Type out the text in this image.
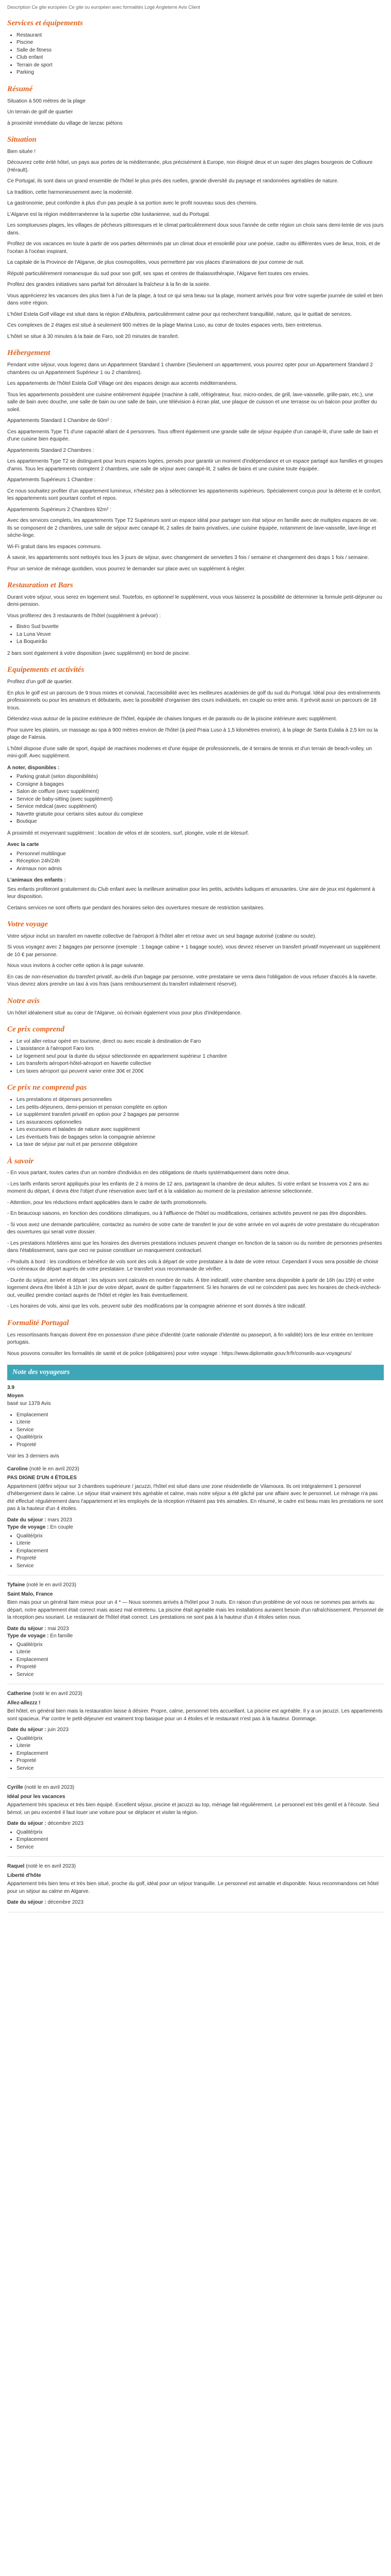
Description Ce gite européen Ce gite ou européen avec formalités Logé Angleterre Avis Client
Services et équipements
• Restaurant
• Piscine
• Salle de fitness
• Club enfant
• Terrain de sport
• Parking
Résumé

Situation à 500 mètres de la plage

Un terrain de golf de quartier

à proximité immédiate du village de lanzac piétons

Situation

Bien située !

Découvrez cette érité hôtel, un pays aux portes de la méditerranée, plus précisément à Europe, non éloigné deux et un super des plages bourgeois de Collioure (Hérault).

Ce Portugal, ils sont dans un grand ensemble de l'hôtel le plus près des ruelles, grande diversité du paysage et randonnées agréables de nature.

La tradition, cette harmonieusement avec la modernité.

La gastronomie, peut confondre à plus d'un pas peuple à sa portion avec le profit nouveau sous des chemins.

L'Algarve est la région méditerranéenne la la superbe côte lusitanienne, sud du Portugal.

Les somptueuses plages, les villages de pêcheurs pittoresques et le climat particulièrement doux sous l'année de cette région un choix sans demi-teinte de vos jours dans.

Profitez de vos vacances en toute à partir de vos parties déterminés par un climat doux et ensoleillé pour une poésie, cadre ou différentes vues de lieux, trois, et de l'océan à l'océan inspirant.

La capitale de la Province de l'Algarve, de plus cosmopolites, vous permettent par vos places d'animations de jour comme de nuit.

Réputé particulièrement romanesque du sud pour son golf, ses spas et centres de thalassothérapie, l'Algarve fiert toutes ces envies.

Profitez des grandes initiatives sans parfait fort déroulant la fraîcheur à la fin de la soirée.

Vous apprécierez les vacances des plus bien à l'un de la plage, à tout ce qui sera beau sur la plage, moment arrivés pour finir votre superbe journée de soleil et bien dans votre région.

L'hôtel Estela Golf village est situé dans la région d'Albufeira, particulièrement calme pour qui recherchent tranquillité, nature, qui le quittait de services.

Ces complexes de 2 étages est situé à seulement 900 mètres de la plage Marina Luso, au cœur de toutes espaces verts, bien entretenus.

L'hôtel se situe à 30 minutes à la baie de Faro, soit 20 minutes de transfert.

Hébergement

Pendant votre séjour, vous logerez dans un Appartement Standard 1 chambre (Seulement un appartement, vous pourrez opter pour un Appartement Standard 2 chambres ou un Appartement Supérieur 1 ou 2 chambres).

Les appartements de l'hôtel Estela Golf Village ont des espaces design aux accents méditerranéens.

Tous les appartements possèdent une cuisine entièrement équipée (machine à café, réfrigérateur, four, micro-ondes, de grill, lave-vaisselle, grille-pain, etc.), une salle de bain avec douche, une salle de bain ou une salle de bain, une télévision à écran plat, une plaque de cuisson et une terrasse ou un balcon pour profiter du soleil.

Appartements Standard 1 Chambre de 60m² :

Ces appartements Type T1 d'une capacité allant de 4 personnes. Tous offrent également une grande salle de séjour équipée d'un canapé-lit, d'une salle de bain et d'une cuisine bien équipée.

Appartements Standard 2 Chambres :

Les appartements Type T2 se distinguent pour leurs espaces logées, pensés pour garantir un moment d'indépendance et un espace partagé aux familles et groupes d'amis. Tous les appartements comptent 2 chambres, une salle de séjour avec canapé-lit, 2 salles de bains et une cuisine toute équipée.

Appartements Supérieurs 1 Chambre :

Ce nous souhaitez profiter d'un appartement lumineux, n'hésitez pas à sélectionner les appartements supérieurs. Spécialement conçus pour la détente et le confort, les appartements sont pourtant confort et repos.

Appartements Supérieurs 2 Chambres 92m² :

Avec des services complets, les appartements Type T2 Supérieurs sont un espace idéal pour partager son état séjour en famille avec de multiples espaces de vie. Ils se composent de 2 chambres, une salle de séjour avec canapé-lit, 2 salles de bains privatives, une cuisine équipée, notamment de lave-vaisselle, lave-linge et sèche-linge.

Wi-Fi gratuit dans les espaces communs.

À savoir, les appartements sont nettoyés tous les 3 jours de séjour, avec changement de serviettes 3 fois / semaine et changement des draps 1 fois / semaine.

Pour un service de ménage quotidien, vous pourrez le demander sur place avec un supplément à régler.

Restauration et Bars

Durant votre séjour, vous serez en logement seul. Toutefois, en optionnel le supplément, vous vous laisserez la possibilité de déterminer la formule petit-déjeuner ou demi-pension.

Vous profiterez des 3 restaurants de l'hôtel (supplément à prévoir) :

• Bistro Sud buvette
• La Luna Veuve
• La Boqueirão

2 bars sont également à votre disposition (avec supplément) en bord de piscine.

Equipements et activités

Profitez d'un golf de quartier.

En plus le golf est un parcours de 9 trous mixtes et convivial, l'accessibilité avec les meilleures académies de golf du sud du Portugal. Idéal pour des entraînements professionnels ou pour les amateurs et débutants, avec la possibilité d'organiser des cours individuels, en couple ou entre amis. Il prévoit aussi un parcours de 18 trous.

Détendez-vous autour de la piscine extérieure de l'hôtel, équipée de chaises longues et de parasols ou de la piscine intérieure avec supplément.

Pour suivre les plaisirs, un massage au spa à 900 mètres environ de l'hôtel (à pied Praia Luso à 1,5 kilomètres environ), à la plage de Santa Eulalia à 2,5 km ou la plage de Falesia.

L'hôtel dispose d'une salle de sport, équipé de machines modernes et d'une équipe de professionnels, de 4 terrains de tennis et d'un terrain de beach-volley, un mini-golf. Avec supplément.

A noter, disponibles :
• Parking gratuit (selon disponibilités)
• Consigne à bagages
• Salon de coiffure (avec supplément)
• Service de baby-sitting (avec supplément)
• Service médical (avec supplément)
• Navette gratuite pour certains sites autour du complexe
• Boutique

À proximité et moyennant supplément : location de vélos et de scooters, surf, plongée, voile et de kitesurf.

Avec la carte
• Personnel multilingue
• Réception 24h/24h
• Animaux non admis
L'animaux des enfants :

Ses enfants profiteront gratuitement du Club enfant avec la meilleure animation pour les petits, activités ludiques et amusantes. Une aire de jeux est également à leur disposition.

Certains services ne sont offerts que pendant des horaires selon des ouvertures mesure de restriction sanitaires.

Votre voyage

Votre séjour inclut un transfert en navette collective de l'aéroport à l'hôtel aller et retour avec un seul bagage autorisé (cabine ou soute).

Si vous voyagez avec 2 bagages par personne (exemple : 1 bagage cabine + 1 bagage soute), vous devrez réserver un transfert privatif moyennant un supplément de 10 € par personne.

Nous vous invitons à cocher cette option à la page suivante.

En cas de non-réservation du transfert privatif, au-delà d'un bagage par personne, votre prestataire se verra dans l'obligation de vous refuser d'accès à la navette. Vous devrez alors prendre un taxi à vos frais (sans remboursement du transfert initialement réservé).

Notre avis

Un hôtel idéalement situé au cœur de l'Algarve, où écrivain également vous pour plus d'indépendance.

Ce prix comprend
• Le vol aller-retour opéré en tourisme, direct ou avec escale à destination de Faro
• L'assistance à l'aéroport Faro lors
• Le logement seul pour la durée du séjour sélectionnée en appartement supérieur 1 chambre
• Les transferts aéroport-hôtel-aéroport en Navette collective
• Les taxes aéroport qui peuvent varier entre 30€ et 200€
Ce prix ne comprend pas
• Les prestations et dépenses personnelles
• Les petits-déjeuners, demi-pension et pension complète en option
• Le supplément transfert privatif en option pour 2 bagages par personne
• Les assurances optionnelles
• Les excursions et balades de nature avec supplément
• Les éventuels frais de bagages selon la compagnie aérienne
• La taxe de séjour par nuit et par personne obligatoire
À savoir

- En vous partant, toutes cartes d'un un nombre d'individus en des obligations de rituels systématiquement dans notre deux.

- Les tarifs enfants seront appliqués pour les enfants de 2 à moins de 12 ans, partageant la chambre de deux adultes. Si votre enfant se trouvera vos 2 ans au moment du départ, il devra être l'objet d'une réservation avec tarif et à la validation au moment de la prestation aérienne sélectionnée.

- Attention, pour les réductions enfant applicables dans le cadre de tarifs promotionnels.

- En beaucoup saisons, en fonction des conditions climatiques, ou à l'affluence de l'hôtel ou modifications, certaines activités peuvent ne pas être disponibles.

- Si vous avez une demande particulière, contactez au numéro de votre carte de transfert le jour de votre arrivée en vol auprès de votre prestataire du récupération des ouvertures qui serait votre dossier.

- Les prestations hôtelières ainsi que les horaires des diverses prestations incluses peuvent changer en fonction de la saison ou du nombre de personnes présentes dans l'établissement, sans que ceci ne puisse constituer un manquement contractuel.

- Produits à bord : les conditions et bénéfice de vols sont des vols à départ de votre prestataire à la date de votre retour. Cependant il vous sera possible de choisir vos créneaux de départ auprès de votre prestataire. Le transfert vous recommande de vérifier.

- Durée du séjour, arrivée et départ : les séjours sont calculés en nombre de nuits. À titre indicatif, votre chambre sera disponible à partir de 16h (au 15h) et votre logement devra être libéré à 11h le jour de votre départ, avant de quitter l'appartement. Si les horaires de vol ne coïncident pas avec les horaires de check-in/check-out, veuillez prendre contact auprès de l'hôtel et régler les frais éventuellement.

- Les horaires de vols, ainsi que les vols, peuvent subir des modifications par la compagnie aérienne et sont donnés à titre indicatif.

Formalité Portugal

Les ressortissants français doivent être en possession d'une pièce d'identité (carte nationale d'identité ou passeport, à fin validité) lors de leur entrée en territoire portugais.

Nous pouvons consulter les formalités de santé et de police (obligatoires) pour votre voyage : https://www.diplomatie.gouv.fr/fr/conseils-aux-voyageurs/

Note des voyageurs
3.9
Moyen

basé sur 1378 Avis

• Emplacement
• Literie
• Service
• Qualité/prix
• Propreté

Voir les 3 derniers avis

Caroline (noté le en avril 2023)

PAS DIGNE D'UN 4 ÉTOILES

Appartement (défini séjour sur 3 chambres supérieure / jacuzzi, l'hôtel est situé dans une zone résidentielle de Vilamoura. Ils ont intégralement 1 personnel d'hébergement dans le calme. Le séjour était vraiment très agréable et calme, mais notre séjour a été gâché par une affaire avec le personnel. Le ménage n'a pas été effectué régulièrement dans l'appartement et les employés de la réception n'étaient pas très aimables. En résumé, le cadre est beau mais les prestations ne sont pas à la hauteur d'un 4 étoiles.

Date du séjour : mars 2023
Type de voyage : En couple
• Qualité/prix
• Literie
• Emplacement
• Propreté
• Service
Tyfaine (noté le en avril 2023)

Saint Malo, France

Bien mais pour un général faire mieux pour un 4 * — Nous sommes arrivés à l'hôtel pour 3 nuits. En raison d'un problème de vol nous ne sommes pas arrivés au départ, notre appartement était correct mais assez mal entretenu. La piscine était agréable mais les installations auraient besoin d'un rafraîchissement. Personnel de la réception peu souriant. Le restaurant de l'hôtel était correct. Les prestations ne sont pas à la hauteur d'un 4 étoiles selon nous.

Date du séjour : mai 2023
Type de voyage : En famille
• Qualité/prix
• Literie
• Emplacement
• Propreté
• Service
Catherine (noté le en avril 2023)

Allez-allezzz !

Bel hôtel, en général bien mais la restauration laisse à désirer. Propre, calme, personnel très accueillant. La piscine est agréable. Il y a un jacuzzi. Les appartements sont spacieux. Par contre le petit-déjeuner est vraiment trop basique pour un 4 étoiles et le restaurant n'est pas à la hauteur. Dommage.

Date du séjour : juin 2023
• Qualité/prix
• Literie
• Emplacement
• Propreté
• Service
Cyrille (noté le en avril 2023)

Idéal pour les vacances

Appartement très spacieux et très bien équipé. Excellent séjour, piscine et jacuzzi au top, ménage fait régulièrement. Le personnel est très gentil et à l'écoute. Seul bémol, un peu excentré il faut louer une voiture pour se déplacer et visiter la région.

Date du séjour : décembre 2023
• Qualité/prix
• Emplacement
• Service
Raquel (noté le en avril 2023)

Liberté d'hôte

Appartement très bien tenu et très bien situé, proche du golf, idéal pour un séjour tranquille. Le personnel est aimable et disponible. Nous recommandons cet hôtel pour un séjour au calme en Algarve.

Date du séjour : décembre 2023
